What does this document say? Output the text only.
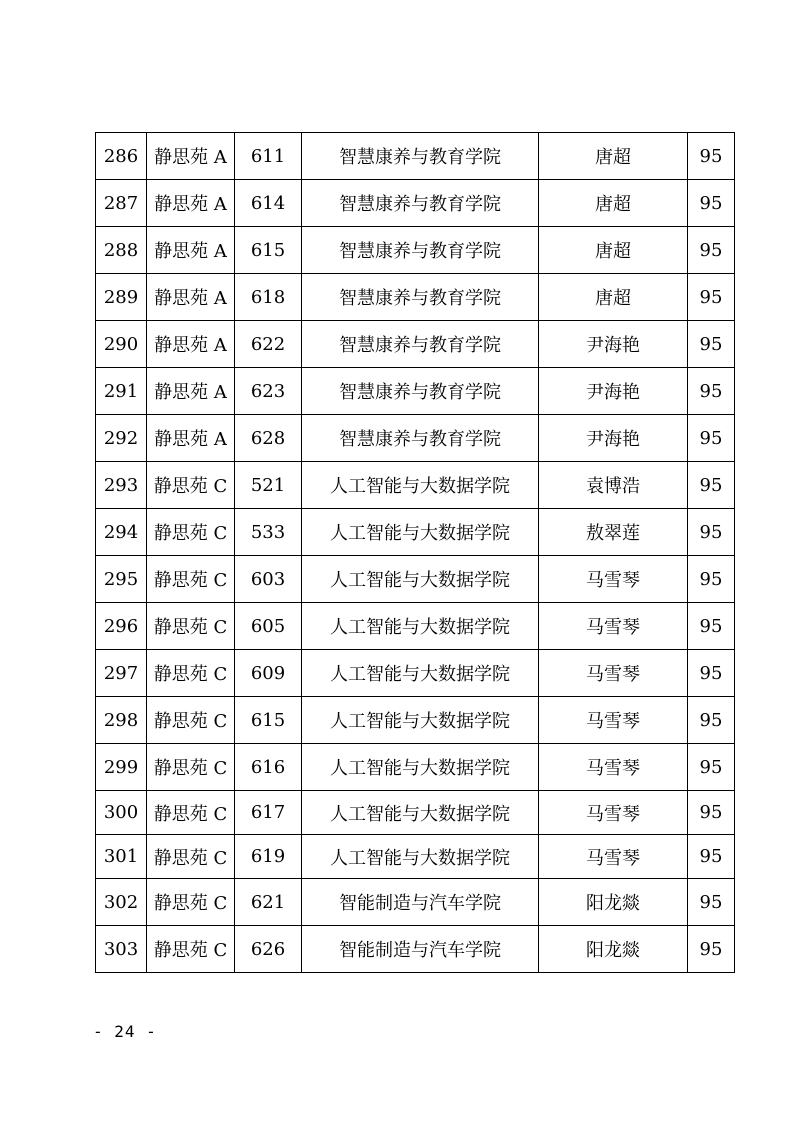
286	静思苑 A	611	智慧康养与教育学院	唐超	95
287	静思苑 A	614	智慧康养与教育学院	唐超	95
288	静思苑 A	615	智慧康养与教育学院	唐超	95
289	静思苑 A	618	智慧康养与教育学院	唐超	95
290	静思苑 A	622	智慧康养与教育学院	尹海艳	95
291	静思苑 A	623	智慧康养与教育学院	尹海艳	95
292	静思苑 A	628	智慧康养与教育学院	尹海艳	95
293	静思苑 C	521	人工智能与大数据学院	袁博浩	95
294	静思苑 C	533	人工智能与大数据学院	敖翠莲	95
295	静思苑 C	603	人工智能与大数据学院	马雪琴	95
296	静思苑 C	605	人工智能与大数据学院	马雪琴	95
297	静思苑 C	609	人工智能与大数据学院	马雪琴	95
298	静思苑 C	615	人工智能与大数据学院	马雪琴	95
299	静思苑 C	616	人工智能与大数据学院	马雪琴	95
300	静思苑 C	617	人工智能与大数据学院	马雪琴	95
301	静思苑 C	619	人工智能与大数据学院	马雪琴	95
302	静思苑 C	621	智能制造与汽车学院	阳龙燚	95
303	静思苑 C	626	智能制造与汽车学院	阳龙燚	95
- 24 -
